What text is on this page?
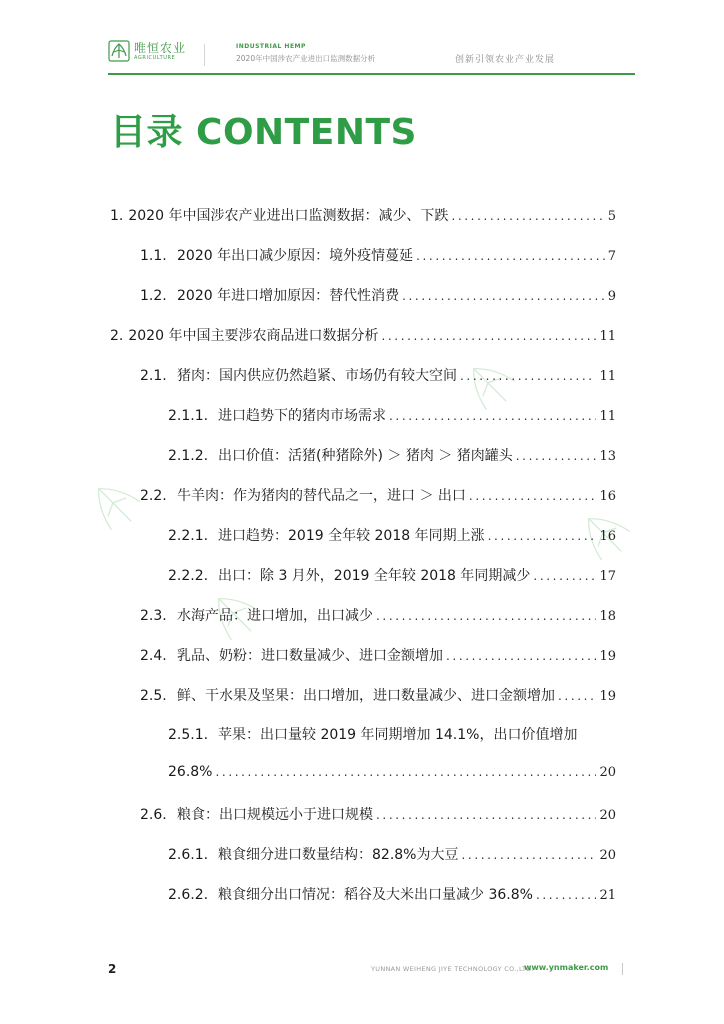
唯恒农业
AGRICULTURE
INDUSTRIAL HEMP
2020年中国涉农产业进出口监测数据分析	创新引领农业产业发展
目录 CONTENTS
1. 2020 年中国涉农产业进出口监测数据：减少、下跌 .....	5
1.1. 2020 年出口减少原因：境外疫情蔓延 .....	7
1.2. 2020 年进口增加原因：替代性消费 .....	9
2. 2020 年中国主要涉农商品进口数据分析 .....	11
2.1. 猪肉：国内供应仍然趋紧、市场仍有较大空间 .....	11
2.1.1. 进口趋势下的猪肉市场需求 .....	11
2.1.2. 出口价值：活猪(种猪除外) ＞ 猪肉 ＞ 猪肉罐头 .....	13
2.2. 牛羊肉：作为猪肉的替代品之一，进口 ＞ 出口 .....	16
2.2.1. 进口趋势：2019 全年较 2018 年同期上涨 .....	16
2.2.2. 出口：除 3 月外，2019 全年较 2018 年同期减少 .....	17
2.3. 水海产品：进口增加，出口减少 .....	18
2.4. 乳品、奶粉：进口数量减少、进口金额增加 .....	19
2.5. 鲜、干水果及坚果：出口增加，进口数量减少、进口金额增加 .....	19
2.5.1. 苹果：出口量较 2019 年同期增加 14.1%，出口价值增加
26.8% .....	20
2.6. 粮食：出口规模远小于进口规模 .....	20
2.6.1. 粮食细分进口数量结构：82.8%为大豆 .....	20
2.6.2. 粮食细分出口情况：稻谷及大米出口量减少 36.8% .....	21
2	YUNNAN WEIHENG JIYE TECHNOLOGY CO.,LTD.
www.ynmaker.com
